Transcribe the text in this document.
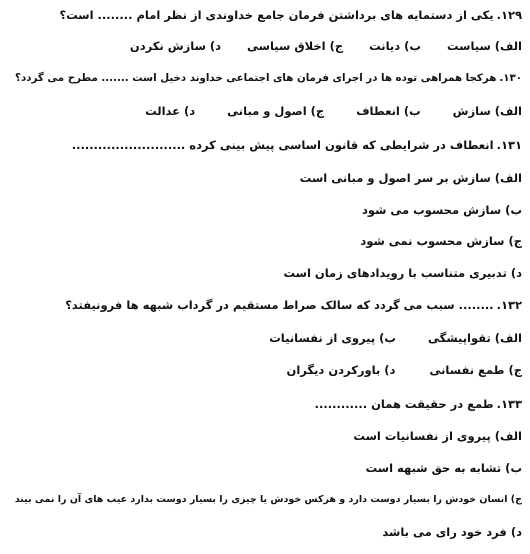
۱۲۹.
یکی از دستمایه های برداشتن فرمان جامع خداوندی از نظر امام ........ است؟
الف) سیاست
ب) دیانت
ج) اخلاق سیاسی
د) سازش نکردن
۱۳۰.
هرکجا همراهی توده ها در اجرای فرمان های اجتماعی خداوند دخیل است ....... مطرح می گردد؟
الف) سازش
ب) انعطاف
ج) اصول و مبانی
د) عدالت
۱۳۱.
انعطاف در شرایطی که قانون اساسی پیش بینی کرده ..........................
الف) سازش بر سر اصول و مبانی است
ب) سازش محسوب می شود
ج) سازش محسوب نمی شود
د) تدبیری متناسب با رویدادهای زمان است
۱۳۲.
........ سبب می گردد که سالک صراط مستقیم در گرداب شبهه ها فرونیفتد؟
الف) تقواپیشگی
ب) پیروی از نفسانیات
ج) طمع نفسانی
د) باورکردن دیگران
۱۳۳.
طمع در حقیقت همان ............
الف) پیروی از نفسانیات است
ب) تشابه به حق شبهه است
ج) انسان خودش را بسیار دوست دارد و هرکس خودش یا چیزی را بسیار دوست بدارد عیب های آن را نمی بیند
د) فرد خود رای می باشد
